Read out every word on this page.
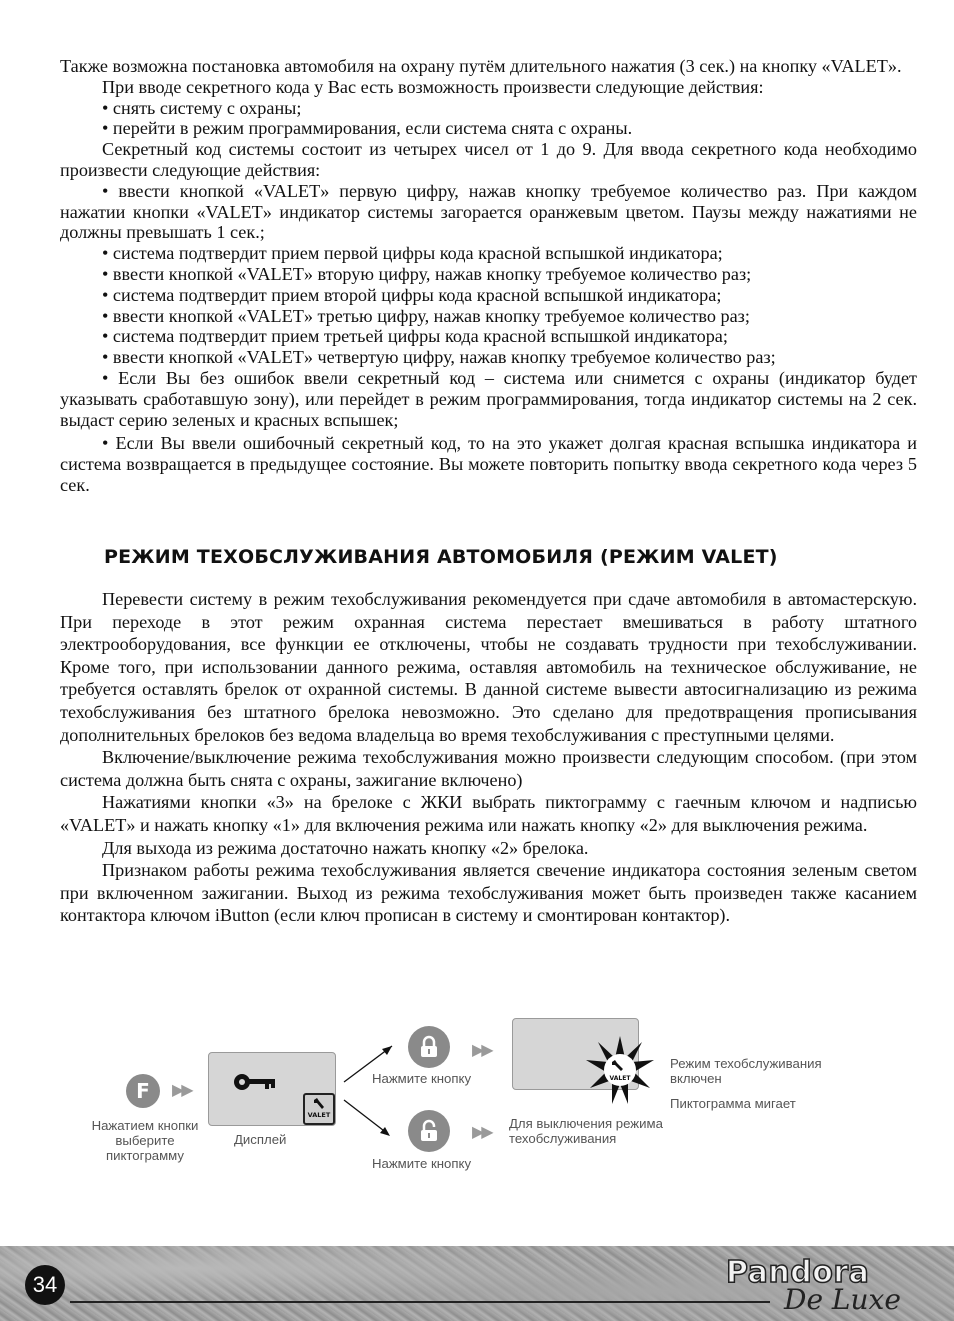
Также возможна постановка автомобиля на охрану путём длительного нажатия (3 сек.) на кнопку «VALET».

При вводе секретного кода у Вас есть возможность произвести следующие действия:

• снять систему с охраны;

• перейти в режим программирования, если система снята с охраны.

Секретный код системы состоит из четырех чисел от 1 до 9. Для ввода секретного кода необходимо произвести следующие действия:

• ввести кнопкой «VALET» первую цифру, нажав кнопку требуемое количество раз. При каждом нажатии кнопки «VALET» индикатор системы загорается оранжевым цветом. Паузы между нажатиями не должны превышать 1 сек.;

• система подтвердит прием первой цифры кода красной вспышкой индикатора;

• ввести кнопкой «VALET» вторую цифру, нажав кнопку требуемое количество раз;

• система подтвердит прием второй цифры кода красной вспышкой индикатора;

• ввести кнопкой «VALET» третью цифру, нажав кнопку требуемое количество раз;

• система подтвердит прием третьей цифры кода красной вспышкой индикатора;

• ввести кнопкой «VALET» четвертую цифру, нажав кнопку требуемое количество раз;

• Если Вы без ошибок ввели секретный код – система или снимется с охраны (индикатор будет указывать сработавшую зону), или перейдет в режим программирования, тогда индикатор системы на 2 сек. выдаст серию зеленых и красных вспышек;

• Если Вы ввели ошибочный секретный код, то на это укажет долгая красная вспышка индикатора и система возвращается в предыдущее состояние. Вы можете повторить попытку ввода секретного кода через 5 сек.

РЕЖИМ ТЕХОБСЛУЖИВАНИЯ АВТОМОБИЛЯ (РЕЖИМ VALET)

Перевести систему в режим техобслуживания рекомендуется при сдаче автомобиля в автомастерскую. При переходе в этот режим охранная система перестает вмешиваться в работу штатного электрооборудования, все функции ее отключены, чтобы не создавать трудности при техобслуживании. Кроме того, при использовании данного режима, оставляя автомобиль на техническое обслуживание, не требуется оставлять брелок от охранной системы. В данной системе вывести автосигнализацию из режима техобслуживания без штатного брелока невозможно. Это сделано для предотвращения прописывания дополнительных брелоков без ведома владельца во время техобслуживания с преступными целями.

Включение/выключение режима техобслуживания можно произвести следующим способом. (при этом система должна быть снята с охраны, зажигание включено)

Нажатиями кнопки «3» на брелоке с ЖКИ выбрать пиктограмму с гаечным ключом и надписью «VALET» и нажать кнопку «1» для включения режима или нажать кнопку «2» для выключения режима.

Для выхода из режима достаточно нажать кнопку «2» брелока.

Признаком работы режима техобслуживания является свечение индикатора состояния зеленым светом при включенном зажигании. Выход из режима техобслуживания может быть произведен также касанием контактора ключом iButton (если ключ прописан в систему и смонтирован контактор).

F	▶▶
Нажатием кнопки выберите пиктограмму
VALET
Дисплей
▶▶
Нажмите кнопку
▶▶
Нажмите кнопку
VALET
Режим техобслуживания включен
Пиктограмма мигает
Для выключения режима техобслуживания
34	Pandora
De Luxe
